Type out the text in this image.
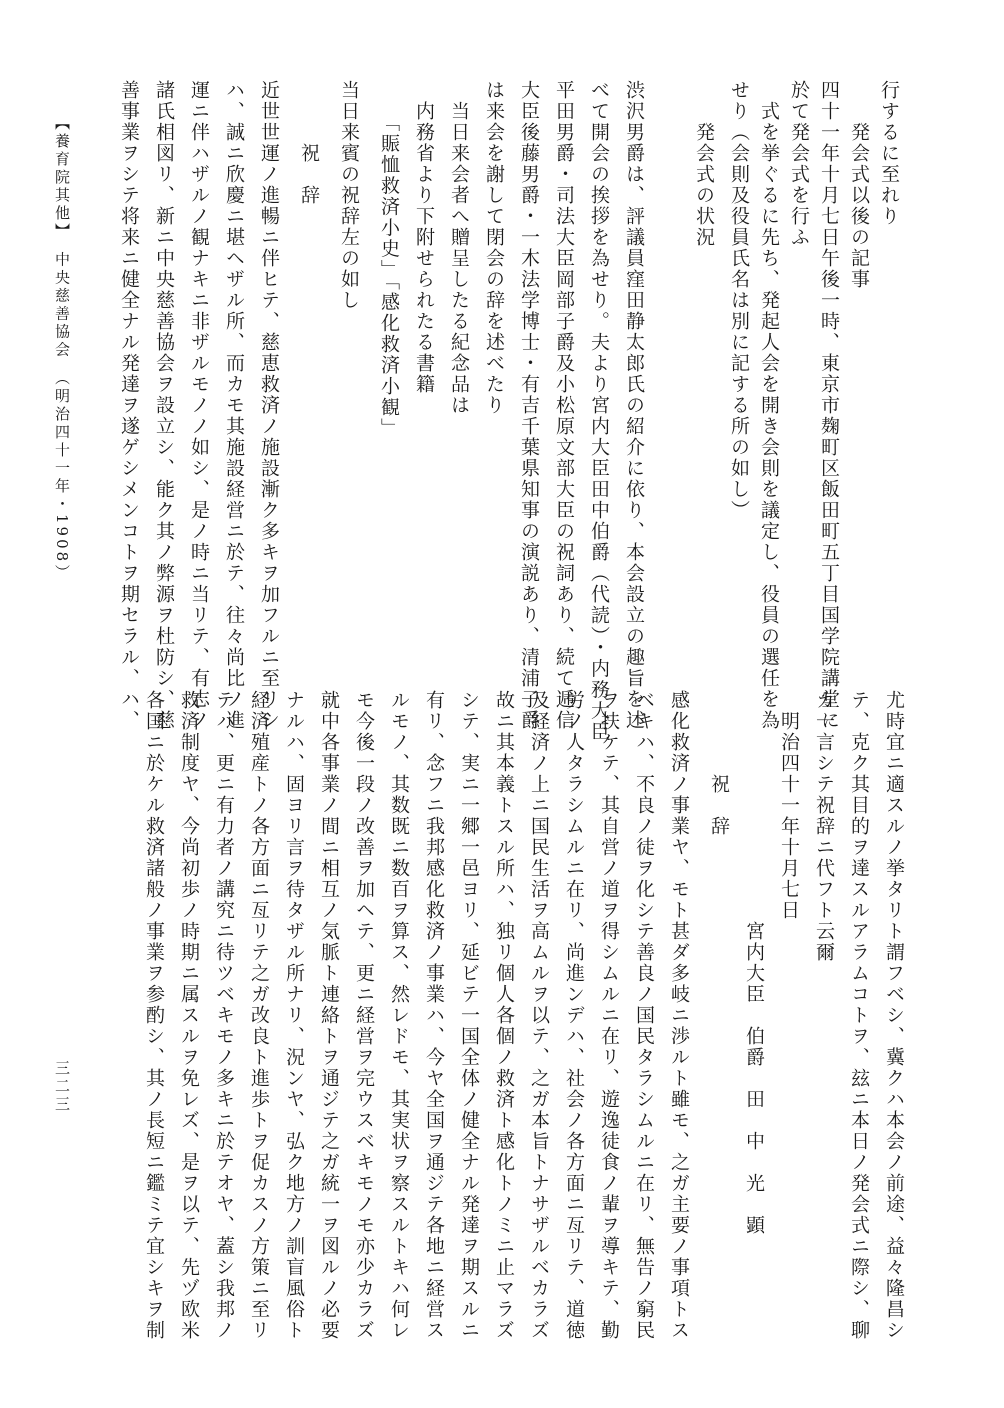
行するに至れり
　　発会式以後の記事
四十一年十月七日午後一時、東京市麹町区飯田町五丁目国学院講堂に
於て発会式を行ふ
　式を挙ぐるに先ち、発起人会を開き会則を議定し、役員の選任を為
せり（会則及役員氏名は別に記する所の如し）
　　発会式の状況
渋沢男爵は、評議員窪田静太郎氏の紹介に依り、本会設立の趣旨を述
べて開会の挨拶を為せり。夫より宮内大臣田中伯爵（代読）・内務大臣
平田男爵・司法大臣岡部子爵及小松原文部大臣の祝詞あり、続て逓信
大臣後藤男爵・一木法学博士・有吉千葉県知事の演説あり、清浦子爵
は来会を謝して閉会の辞を述べたり
　当日来会者へ贈呈したる紀念品は
　内務省より下附せられたる書籍
　　「賑恤救済小史」「感化救済小観」
当日来賓の祝辞左の如し
　　　祝　辞
近世世運ノ進暢ニ伴ヒテ、慈恵救済ノ施設漸ク多キヲ加フルニ至リシ
ハ、誠ニ欣慶ニ堪ヘザル所、而カモ其施設経営ニ於テ、往々尚比ノ進
運ニ伴ハザルノ観ナキニ非ザルモノノ如シ、是ノ時ニ当リテ、有志ノ
諸氏相図リ、新ニ中央慈善協会ヲ設立シ、能ク其ノ弊源ヲ杜防シ、慈
善事業ヲシテ将来ニ健全ナル発達ヲ遂ゲシメンコトヲ期セラル、ハ、
尤時宜ニ適スルノ挙タリト謂フベシ、冀クハ本会ノ前途、益々隆昌シ
テ、克ク其目的ヲ達スルアラムコトヲ、玆ニ本日ノ発会式ニ際シ、聊
カ一言シテ祝辞ニ代フト云爾
　明治四十一年十月七日
　　　　　　　　　　　宮内大臣　伯爵　田　中　光　顕
　　　　祝　辞
感化救済ノ事業ヤ、モト甚ダ多岐ニ渉ルト雖モ、之ガ主要ノ事項トス
ベキハ、不良ノ徒ヲ化シテ善良ノ国民タラシムルニ在リ、無告ノ窮民
ヲ扶ケテ、其自営ノ道ヲ得シムルニ在リ、遊逸徒食ノ輩ヲ導キテ、勤
労ノ人タラシムルニ在リ、尚進ンデハ、社会ノ各方面ニ亙リテ、道徳
及経済ノ上ニ国民生活ヲ高ムルヲ以テ、之ガ本旨トナサザルベカラズ
故ニ其本義トスル所ハ、独リ個人各個ノ救済ト感化トノミニ止マラズ
シテ、実ニ一郷一邑ヨリ、延ビテ一国全体ノ健全ナル発達ヲ期スルニ
有リ、念フニ我邦感化救済ノ事業ハ、今ヤ全国ヲ通ジテ各地ニ経営ス
ルモノ、其数既ニ数百ヲ算ス、然レドモ、其実状ヲ察スルトキハ何レ
モ今後一段ノ改善ヲ加ヘテ、更ニ経営ヲ完ウスベキモノモ亦少カラズ
就中各事業ノ間ニ相互ノ気脈ト連絡トヲ通ジテ之ガ統一ヲ図ルノ必要
ナルハ、固ヨリ言ヲ待タザル所ナリ、況ンヤ、弘ク地方ノ訓盲風俗ト
経済殖産トノ各方面ニ亙リテ之ガ改良ト進歩トヲ促カスノ方策ニ至リ
テハ、更ニ有力者ノ講究ニ待ツベキモノ多キニ於テオヤ、蓋シ我邦ノ
救済制度ヤ、今尚初歩ノ時期ニ属スルヲ免レズ、是ヲ以テ、先ヅ欧米
各国ニ於ケル救済諸般ノ事業ヲ参酌シ、其ノ長短ニ鑑ミテ宜シキヲ制
【養育院其他】　中央慈善協会　（明治四十一年・1908）
三二三
